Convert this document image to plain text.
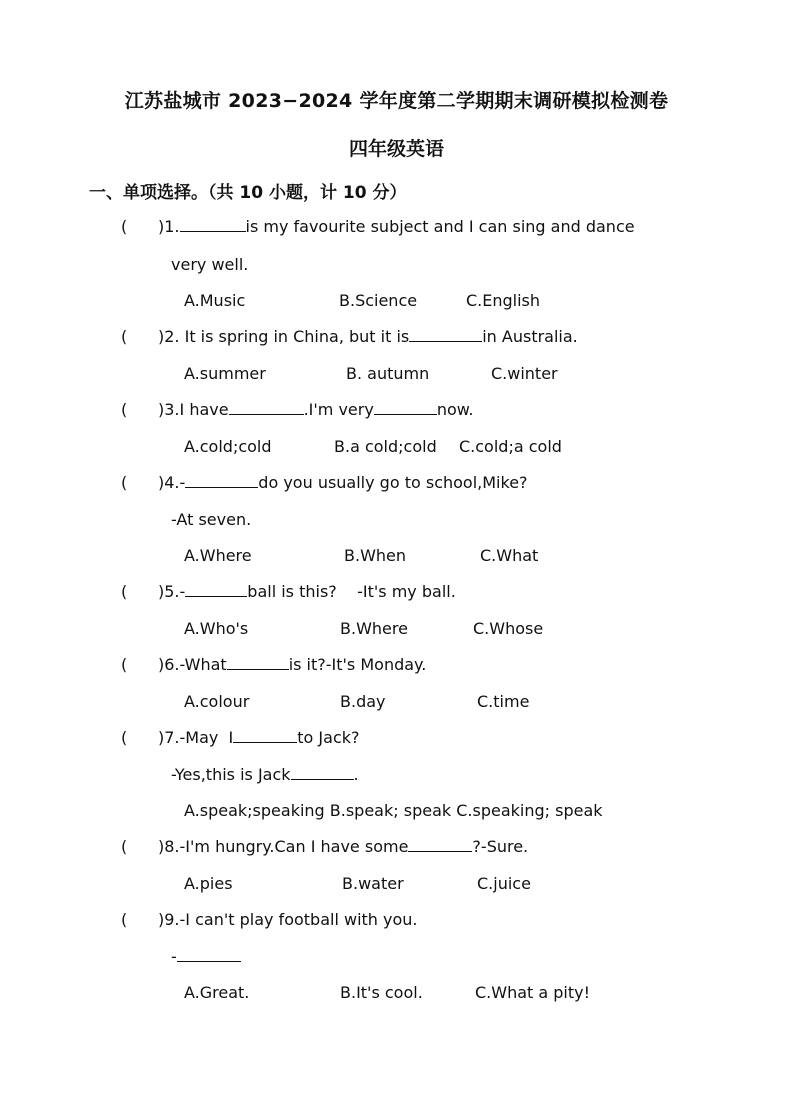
江苏盐城市 2023−2024 学年度第二学期期末调研模拟检测卷
四年级英语
一、单项选择。（共 10 小题，计 10 分）
( )1.	is my favourite subject and I can sing and dance
very well.
A.Music	B.Science	C.English
( )2. It is spring in China, but it is	in Australia.
A.summer	B. autumn	C.winter
( )3.I have	.I'm very	now.
A.cold;cold	B.a cold;cold C.cold;a cold
( )4.-	do you usually go to school,Mike?
-At seven.
A.Where	B.When	C.What
( )5.-	ball is this?    -It's my ball.
A.Who's	B.Where	C.Whose
( )6.-What	is it?-It's Monday.
A.colour	B.day	C.time
( )7.-May  I	to Jack?
-Yes,this is Jack	.
A.speak;speaking B.speak; speak C.speaking; speak
( )8.-I'm hungry.Can I have some	?-Sure.
A.pies	B.water	C.juice
( )9.-I can't play football with you.
-
A.Great.	B.It's cool.	C.What a pity!
